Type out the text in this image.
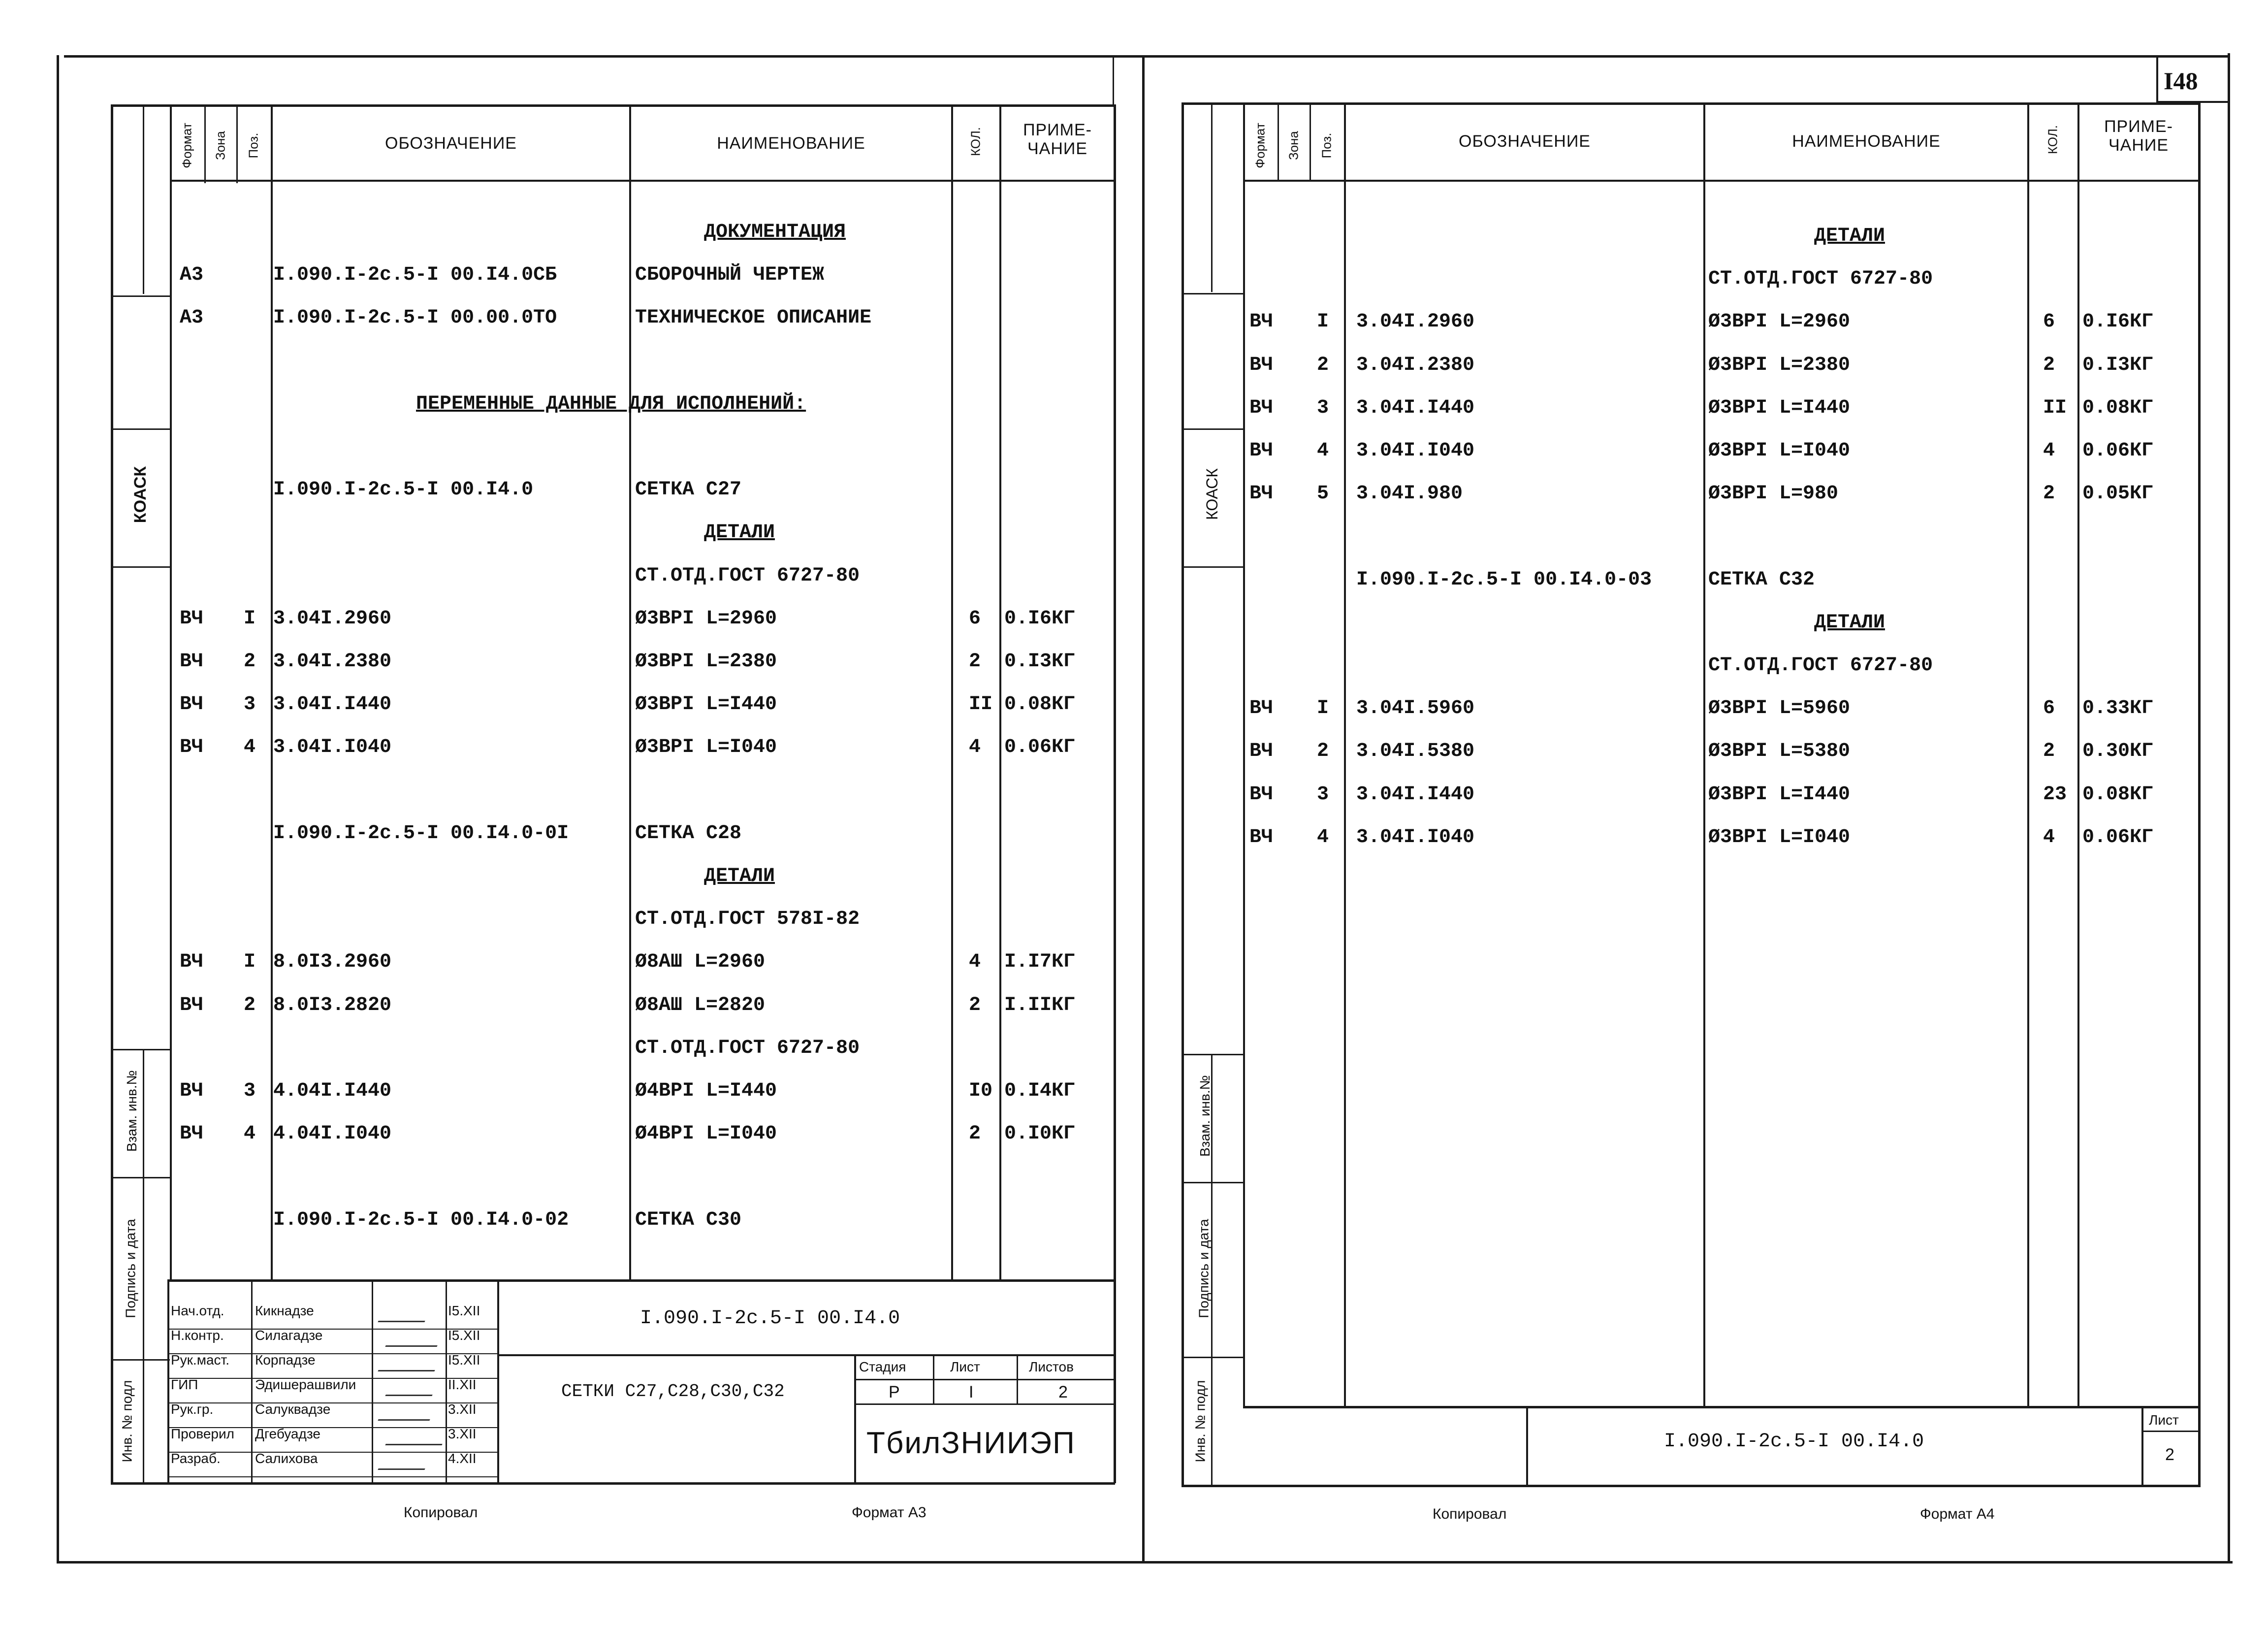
Формат Зона Поз.	ОБОЗНАЧЕНИЕ	НАИМЕНОВАНИЕ	КОЛ.	ПРИМЕ-
ЧАНИЕ
КОАСК
Инв. № подл
Подпись и дата
Взам. инв.№
ДОКУМЕНТАЦИЯ
А3	I.090.I-2с.5-I 00.I4.0СБ	СБОРОЧНЫЙ ЧЕРТЕЖ
А3	I.090.I-2с.5-I 00.00.0ТО	ТЕХНИЧЕСКОЕ ОПИСАНИЕ
ПЕРЕМЕННЫЕ ДАННЫЕ ДЛЯ ИСПОЛНЕНИЙ:
I.090.I-2с.5-I 00.I4.0	СЕТКА С27
ДЕТАЛИ
СТ.ОТД.ГОСТ 6727-80
ВЧ I 3.04I.2960	Ø3ВРI L=2960	6 0.I6КГ
ВЧ 2 3.04I.2380	Ø3ВРI L=2380	2 0.I3КГ
ВЧ 3 3.04I.I440	Ø3ВРI L=I440	II 0.08КГ
ВЧ 4 3.04I.I040	Ø3ВРI L=I040	4 0.06КГ
I.090.I-2с.5-I 00.I4.0-0I	СЕТКА С28
ДЕТАЛИ
СТ.ОТД.ГОСТ 578I-82
ВЧ I 8.0I3.2960	Ø8АШ L=2960	4 I.I7КГ
ВЧ 2 8.0I3.2820	Ø8АШ L=2820	2 I.IIКГ
СТ.ОТД.ГОСТ 6727-80
ВЧ 3 4.04I.I440	Ø4ВРI L=I440	I0 0.I4КГ
ВЧ 4 4.04I.I040	Ø4ВРI L=I040	2 0.I0КГ
I.090.I-2с.5-I 00.I4.0-02	СЕТКА С30
Нач.отд. Кикнадзе	I5.XII
Н.контр. Силагадзе	I5.XII
Рук.маст. Корпадзе	I5.XII
ГИП	Эдишерашвили	II.XII
Рук.гр.	Салуквадзе	3.XII
Проверил Дгебуадзе	3.XII
Разраб.	Салихова	4.XII
I.090.I-2с.5-I 00.I4.0
СЕТКИ С27,С28,С30,С32
Стадия	Лист	Листов
Р	I	2
ТбилЗНИИЭП
Копировал	Формат А3
I48
Формат Зона Поз.	ОБОЗНАЧЕНИЕ	НАИМЕНОВАНИЕ	КОЛ.	ПРИМЕ-
ЧАНИЕ
КОАСК
Инв. № подл
Подпись и дата
Взам. инв.№
ДЕТАЛИ
СТ.ОТД.ГОСТ 6727-80
ВЧ I 3.04I.2960	Ø3ВРI L=2960	6 0.I6КГ
ВЧ 2 3.04I.2380	Ø3ВРI L=2380	2 0.I3КГ
ВЧ 3 3.04I.I440	Ø3ВРI L=I440	II 0.08КГ
ВЧ 4 3.04I.I040	Ø3ВРI L=I040	4 0.06КГ
ВЧ 5 3.04I.980	Ø3ВРI L=980	2 0.05КГ
I.090.I-2с.5-I 00.I4.0-03	СЕТКА С32
ДЕТАЛИ
СТ.ОТД.ГОСТ 6727-80
ВЧ I 3.04I.5960	Ø3ВРI L=5960	6 0.33КГ
ВЧ 2 3.04I.5380	Ø3ВРI L=5380	2 0.30КГ
ВЧ 3 3.04I.I440	Ø3ВРI L=I440	23 0.08КГ
ВЧ 4 3.04I.I040	Ø3ВРI L=I040	4 0.06КГ
I.090.I-2с.5-I 00.I4.0
Лист
2
Копировал	Формат А4
